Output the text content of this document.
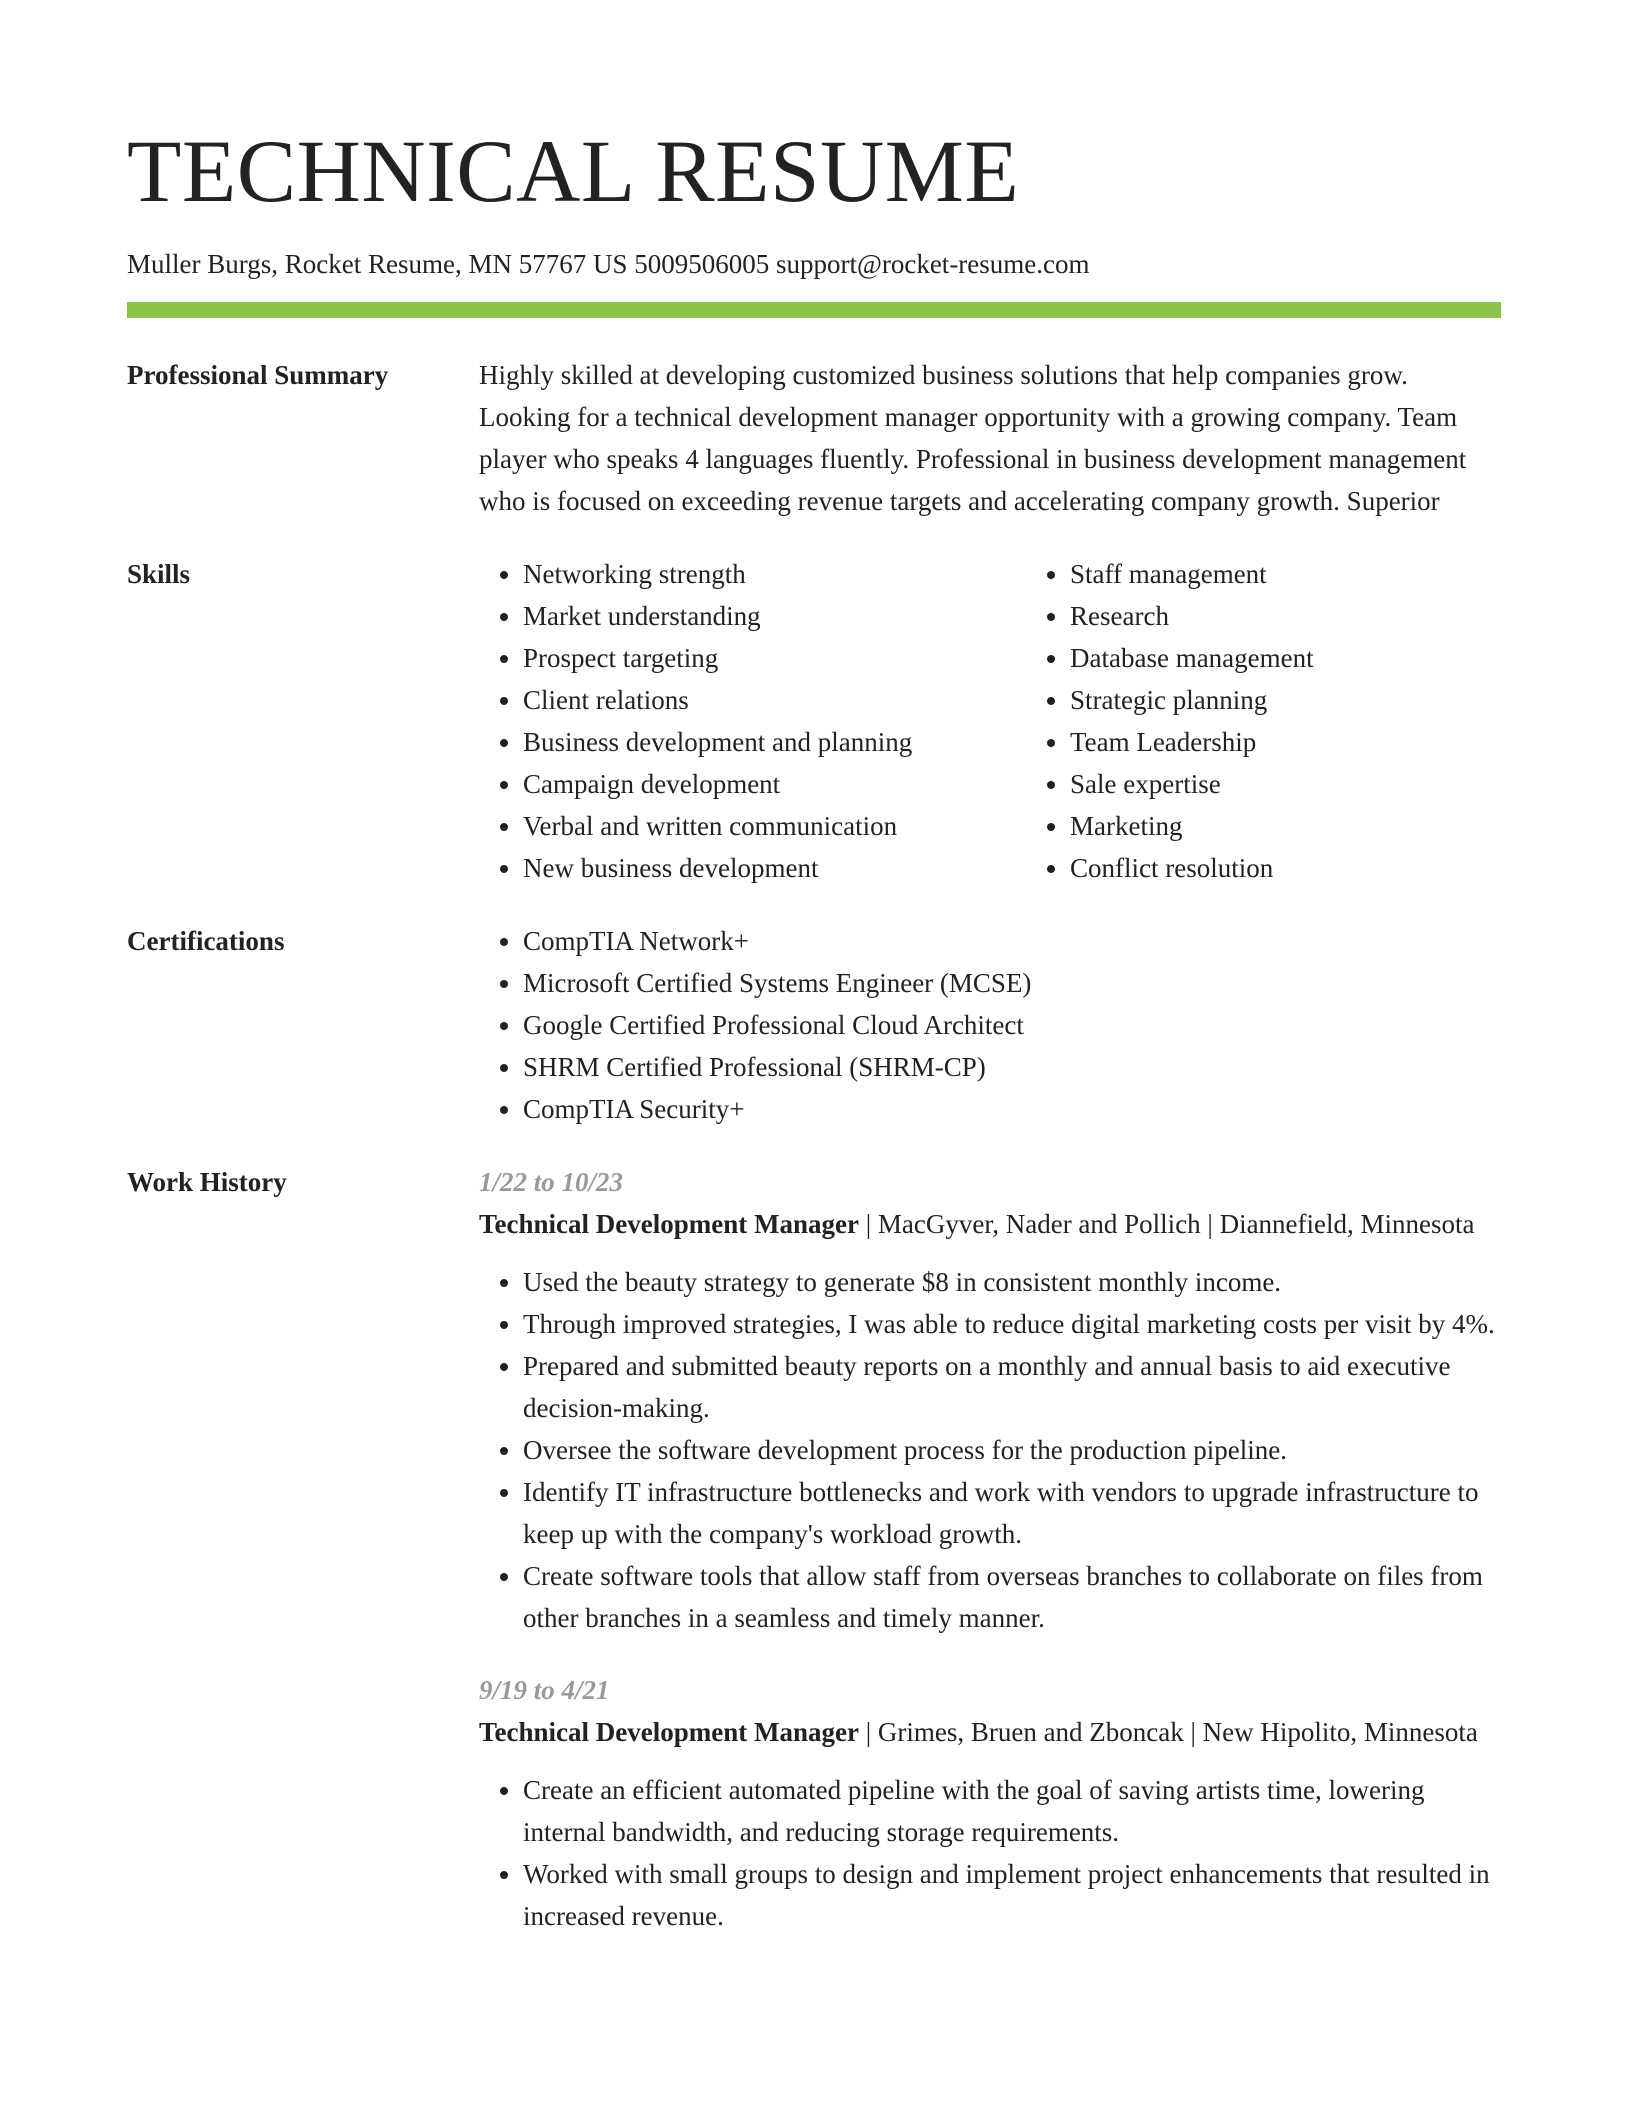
TECHNICAL RESUME
Muller Burgs, Rocket Resume, MN 57767 US 5009506005 support@rocket-resume.com
Professional Summary	Highly skilled at developing customized business solutions that help companies grow. Looking for a technical development manager opportunity with a growing company. Team player who speaks 4 languages fluently. Professional in business development management who is focused on exceeding revenue targets and accelerating company growth. Superior
Skills	• Networking strength
• Market understanding
• Prospect targeting
• Client relations
• Business development and planning
• Campaign development
• Verbal and written communication
• New business development
• Staff management
• Research
• Database management
• Strategic planning
• Team Leadership
• Sale expertise
• Marketing
• Conflict resolution
Certifications	• CompTIA Network+
• Microsoft Certified Systems Engineer (MCSE)
• Google Certified Professional Cloud Architect
• SHRM Certified Professional (SHRM-CP)
• CompTIA Security+
Work History	1/22 to 10/23
Technical Development Manager | MacGyver, Nader and Pollich | Diannefield, Minnesota
• Used the beauty strategy to generate $8 in consistent monthly income.
• Through improved strategies, I was able to reduce digital marketing costs per visit by 4%.
• Prepared and submitted beauty reports on a monthly and annual basis to aid executive decision-making.
• Oversee the software development process for the production pipeline.
• Identify IT infrastructure bottlenecks and work with vendors to upgrade infrastructure to keep up with the company's workload growth.
• Create software tools that allow staff from overseas branches to collaborate on files from other branches in a seamless and timely manner.
9/19 to 4/21
Technical Development Manager | Grimes, Bruen and Zboncak | New Hipolito, Minnesota
• Create an efficient automated pipeline with the goal of saving artists time, lowering internal bandwidth, and reducing storage requirements.
• Worked with small groups to design and implement project enhancements that resulted in increased revenue.
